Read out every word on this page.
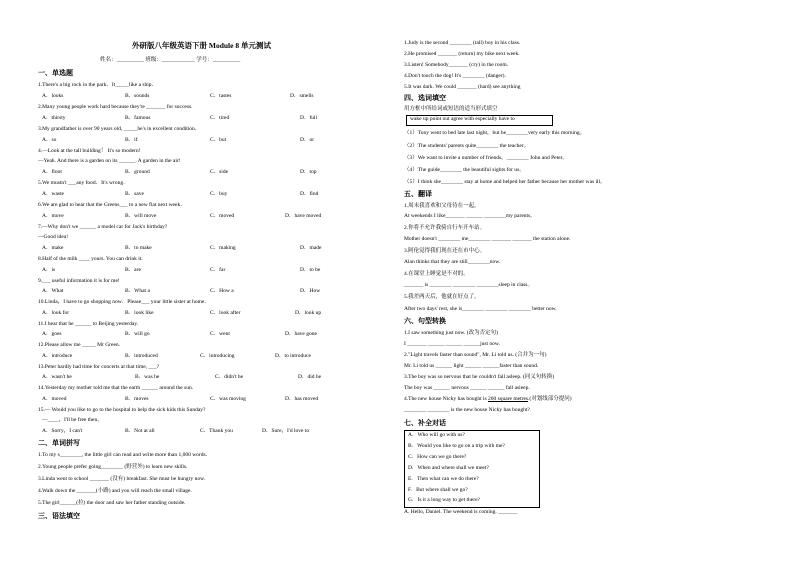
外研版八年级英语下册 Module 8 单元测试
姓名：__________ 班级：____________ 学号：__________
一、单选题
1.There's a big rock in the park．It_____like a ship．
A．looks	B．sounds	C．tastes	D．smells
2.Many young people work hard because they're _______ for success.
A．thirsty	B．famous	C．tired	D．full
3.My grandfather is over 90 years old, _____he's in excellent condition．
A．so	B．if	C．but	D．or
4.—Look at the tall building！ It's so modern!
—Yeah. And there is a garden on its ______. A garden in the air!
A．floor	B．ground	C．side	D．top
5.We mustn't ___any food．It's wrong．
A．waste	B．save	C．buy	D．find
6.We are glad to hear that the Greens___ to a new flat next week．
A．move	B．will move	C．moved	D．have moved
7.—Why don't we ______ a model car for Jack's birthday?
—Good idea!
A．make	B．to make	C．making	D．made
8.Half of the milk ____ yours. You can drink it.
A．is	B．are	C．far	D．to be
9.___ useful information it is for me!
A．What	B．What a	C．How a	D．How
10.Linda，I have to go shopping now．Please___ your little sister at home．
A．look for	B．look like	C．look after	D．look up
11.I hear that he ______ to Beijing yesterday.
A．goes	B．will go	C．went	D．have gone
12.Please allow me _____ Mr Green.
A．introduce	B．introduced	C．introducing	D．to introduce
13.Peter hardly had time for concerts at that time, ___?
A．wasn't he	B．was he	C．didn't he	D．did he
14.Yesterday my mother told me that the earth ______ around the sun.
A．moved	B．moves	C．was moving	D．has moved
15.— Would you like to go to the hospital to help the sick kids this Sunday?
—____，I'll be free then。
A．Sorry，I can't	B．Not at all	C．Thank you	D．Sure，I'd love to
二、单词拼写
1.To my s________, the little girl can read and write more than 1,000 words.
2.Young people prefer going________ (野营外) to learn new skills.
3.Linda went to school _______ (没有) breakfast. She must be hungry now.
4.Walk down the _______(小路) and you will reach the small village.
5.The girl______(拉) the door and saw her father standing outside.
三、语法填空
1.Judy is the second ________ (tall) boy in his class.
2.He promised _______ (return) my bike next week.
3.Listen! Somebody_______ (cry) in the room.
4.Don't touch the dog! It's ________ (danger).
5.It was dark. We could _______ (hard) see anything
四、选词填空
用方框中所给词或短语的适当形式填空
wake up point out agree with especially have to
（1）Tony went to bed late last night，but he________very early this morning。
（2）The students' parents quite________ the teacher。
（3）We want to invite a number of friends，________ John and Peter。
（4）The guide________ the beautiful sights for us。
（5）I think she________ stay at home and helped her father because her mother was ill。
五、翻译
1.周末我喜欢和父母待在一起。
At weekends I like_______ ______ ________my parents。
2.你将不允许我骑自行车开车站。
Mother doesn't ________ me________ _______ _______ the station alone.
3.阿伦觉得我们现在还在市中心。
Alan thinks that they are still________now.
4.在课堂上睡觉是不对的。
_______ is ________ ________ ________sleep in class。
5.我差两天后，他就在好点了。
After two days' rest, she is________ ________ ________ better now.
六、句型转换
1.I saw something just now. (改为否定句)
I _______ ______ ______ ______just now.
2."Light travels faster than sound", Mr. Li told us. (合并为一句)
Mr. Li told us ______ light ______ ______faster than sound.
3.The boy was so nervous that he couldn't fall asleep. (同义句转换)
The boy was ______ nervous ______ ______ fall asleep.
4.The new house Nicky has bought is 260 square metres.(对划线部分提问)
________ ________ is the new house Nicky has bought?
七、补全对话
A. Who will go with us?
B. Would you like to go on a trip with me?
C. How can we go there?
D. When and where shall we meet?
E. Then what can we do there?
F. But where shall we go?
G. Is it a long way to get there?
A. Hello, Daniel. The weekend is coming. _______
